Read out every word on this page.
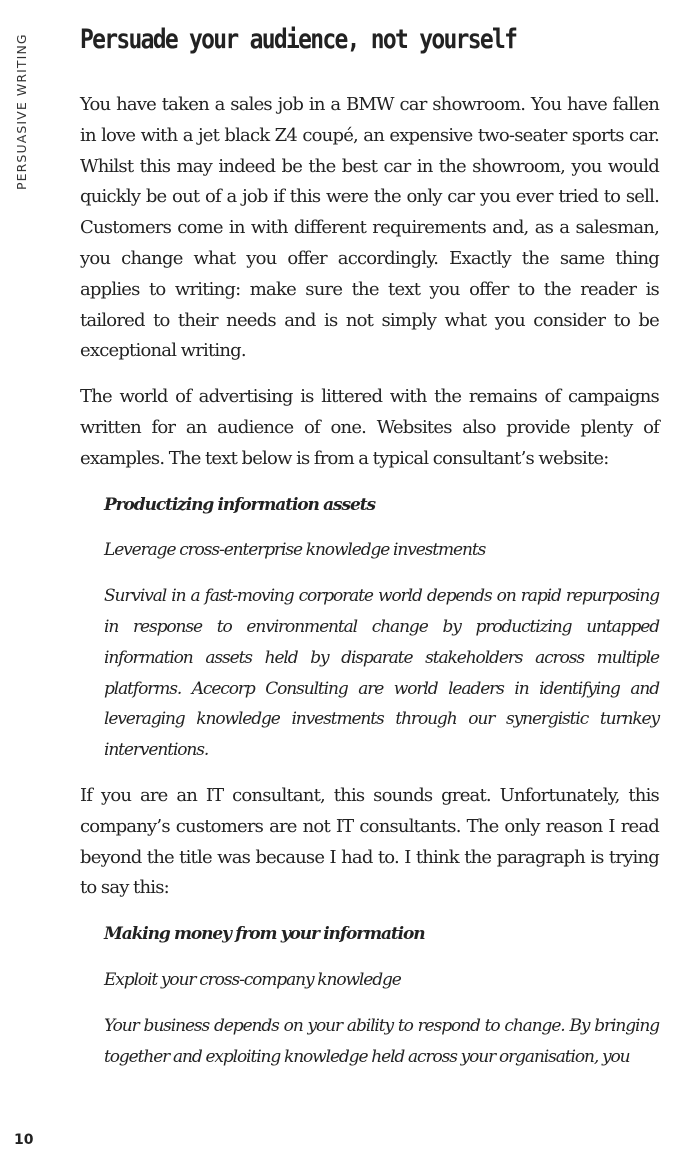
PERSUASIVE WRITING Persuade your audience, not yourself

You have taken a sales job in a BMW car showroom. You have fallen in love with a jet black Z4 coupé, an expensive two-seater sports car. Whilst this may indeed be the best car in the showroom, you would quickly be out of a job if this were the only car you ever tried to sell. Customers come in with different requirements and, as a salesman, you change what you offer accordingly. Exactly the same thing applies to writing: make sure the text you offer to the reader is tailored to their needs and is not simply what you consider to be exceptional writing.

The world of advertising is littered with the remains of campaigns written for an audience of one. Websites also provide plenty of examples. The text below is from a typical consultant’s website:

Productizing information assets

Leverage cross-enterprise knowledge investments

Survival in a fast-moving corporate world depends on rapid repurposing in response to environmental change by productizing untapped information assets held by disparate stakeholders across multiple platforms. Acecorp Consulting are world leaders in identifying and leveraging knowledge investments through our synergistic turnkey interventions.

If you are an IT consultant, this sounds great. Unfortunately, this company’s customers are not IT consultants. The only reason I read beyond the title was because I had to. I think the paragraph is trying to say this:

Making money from your information

Exploit your cross-company knowledge

Your business depends on your ability to respond to change. By bringing together and exploiting knowledge held across your organisation, you

10
